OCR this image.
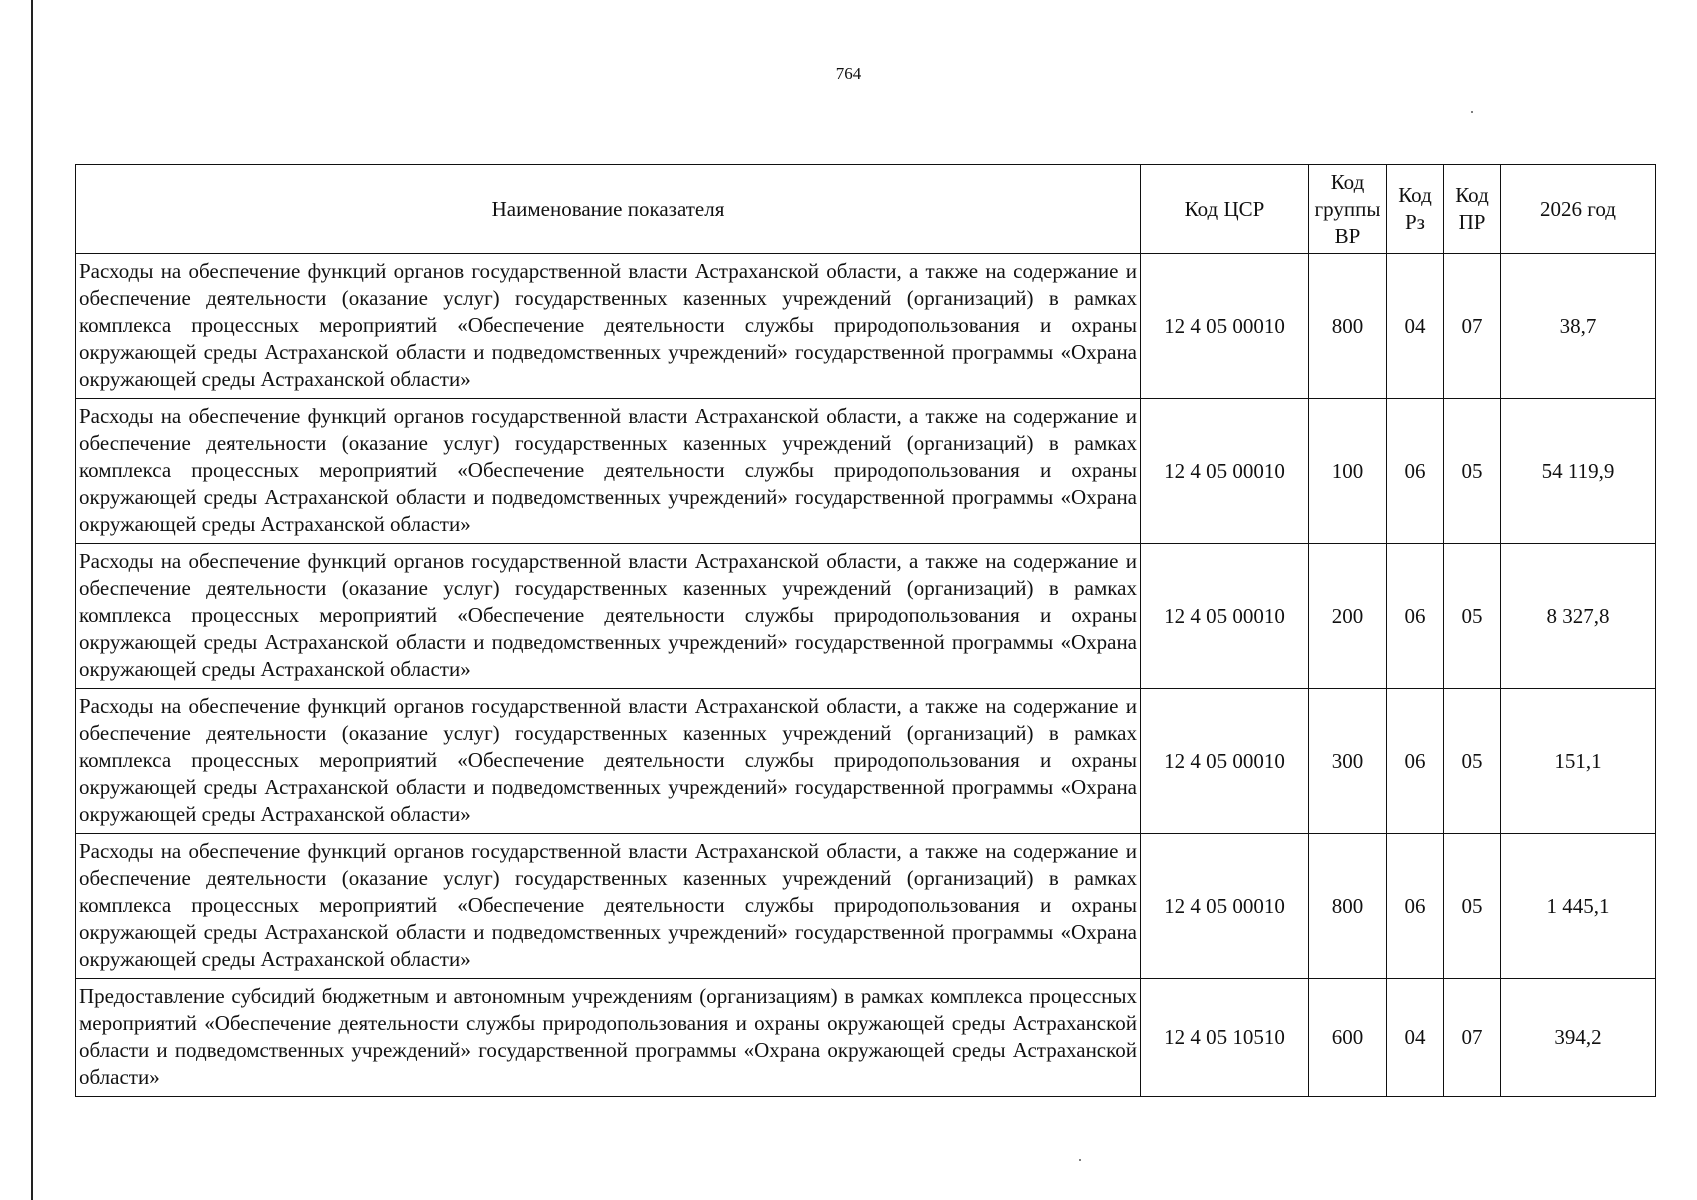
764
Наименование показателя	Код ЦСР	Код группы ВР	Код Рз	Код ПР	2026 год
Расходы на обеспечение функций органов государственной власти Астраханской области, а также на содержание и обеспечение деятельности (оказание услуг) государственных казенных учреждений (организаций) в рамках комплекса процессных мероприятий «Обеспечение деятельности службы природопользования и охраны окружающей среды Астраханской области и подведомственных учреждений» государственной программы «Охрана окружающей среды Астраханской области»	12 4 05 00010	800	04	07	38,7
Расходы на обеспечение функций органов государственной власти Астраханской области, а также на содержание и обеспечение деятельности (оказание услуг) государственных казенных учреждений (организаций) в рамках комплекса процессных мероприятий «Обеспечение деятельности службы природопользования и охраны окружающей среды Астраханской области и подведомственных учреждений» государственной программы «Охрана окружающей среды Астраханской области»	12 4 05 00010	100	06	05	54 119,9
Расходы на обеспечение функций органов государственной власти Астраханской области, а также на содержание и обеспечение деятельности (оказание услуг) государственных казенных учреждений (организаций) в рамках комплекса процессных мероприятий «Обеспечение деятельности службы природопользования и охраны окружающей среды Астраханской области и подведомственных учреждений» государственной программы «Охрана окружающей среды Астраханской области»	12 4 05 00010	200	06	05	8 327,8
Расходы на обеспечение функций органов государственной власти Астраханской области, а также на содержание и обеспечение деятельности (оказание услуг) государственных казенных учреждений (организаций) в рамках комплекса процессных мероприятий «Обеспечение деятельности службы природопользования и охраны окружающей среды Астраханской области и подведомственных учреждений» государственной программы «Охрана окружающей среды Астраханской области»	12 4 05 00010	300	06	05	151,1
Расходы на обеспечение функций органов государственной власти Астраханской области, а также на содержание и обеспечение деятельности (оказание услуг) государственных казенных учреждений (организаций) в рамках комплекса процессных мероприятий «Обеспечение деятельности службы природопользования и охраны окружающей среды Астраханской области и подведомственных учреждений» государственной программы «Охрана окружающей среды Астраханской области»	12 4 05 00010	800	06	05	1 445,1
Предоставление субсидий бюджетным и автономным учреждениям (организациям) в рамках комплекса процессных мероприятий «Обеспечение деятельности службы природопользования и охраны окружающей среды Астраханской области и подведомственных учреждений» государственной программы «Охрана окружающей среды Астраханской области»	12 4 05 10510	600	04	07	394,2
